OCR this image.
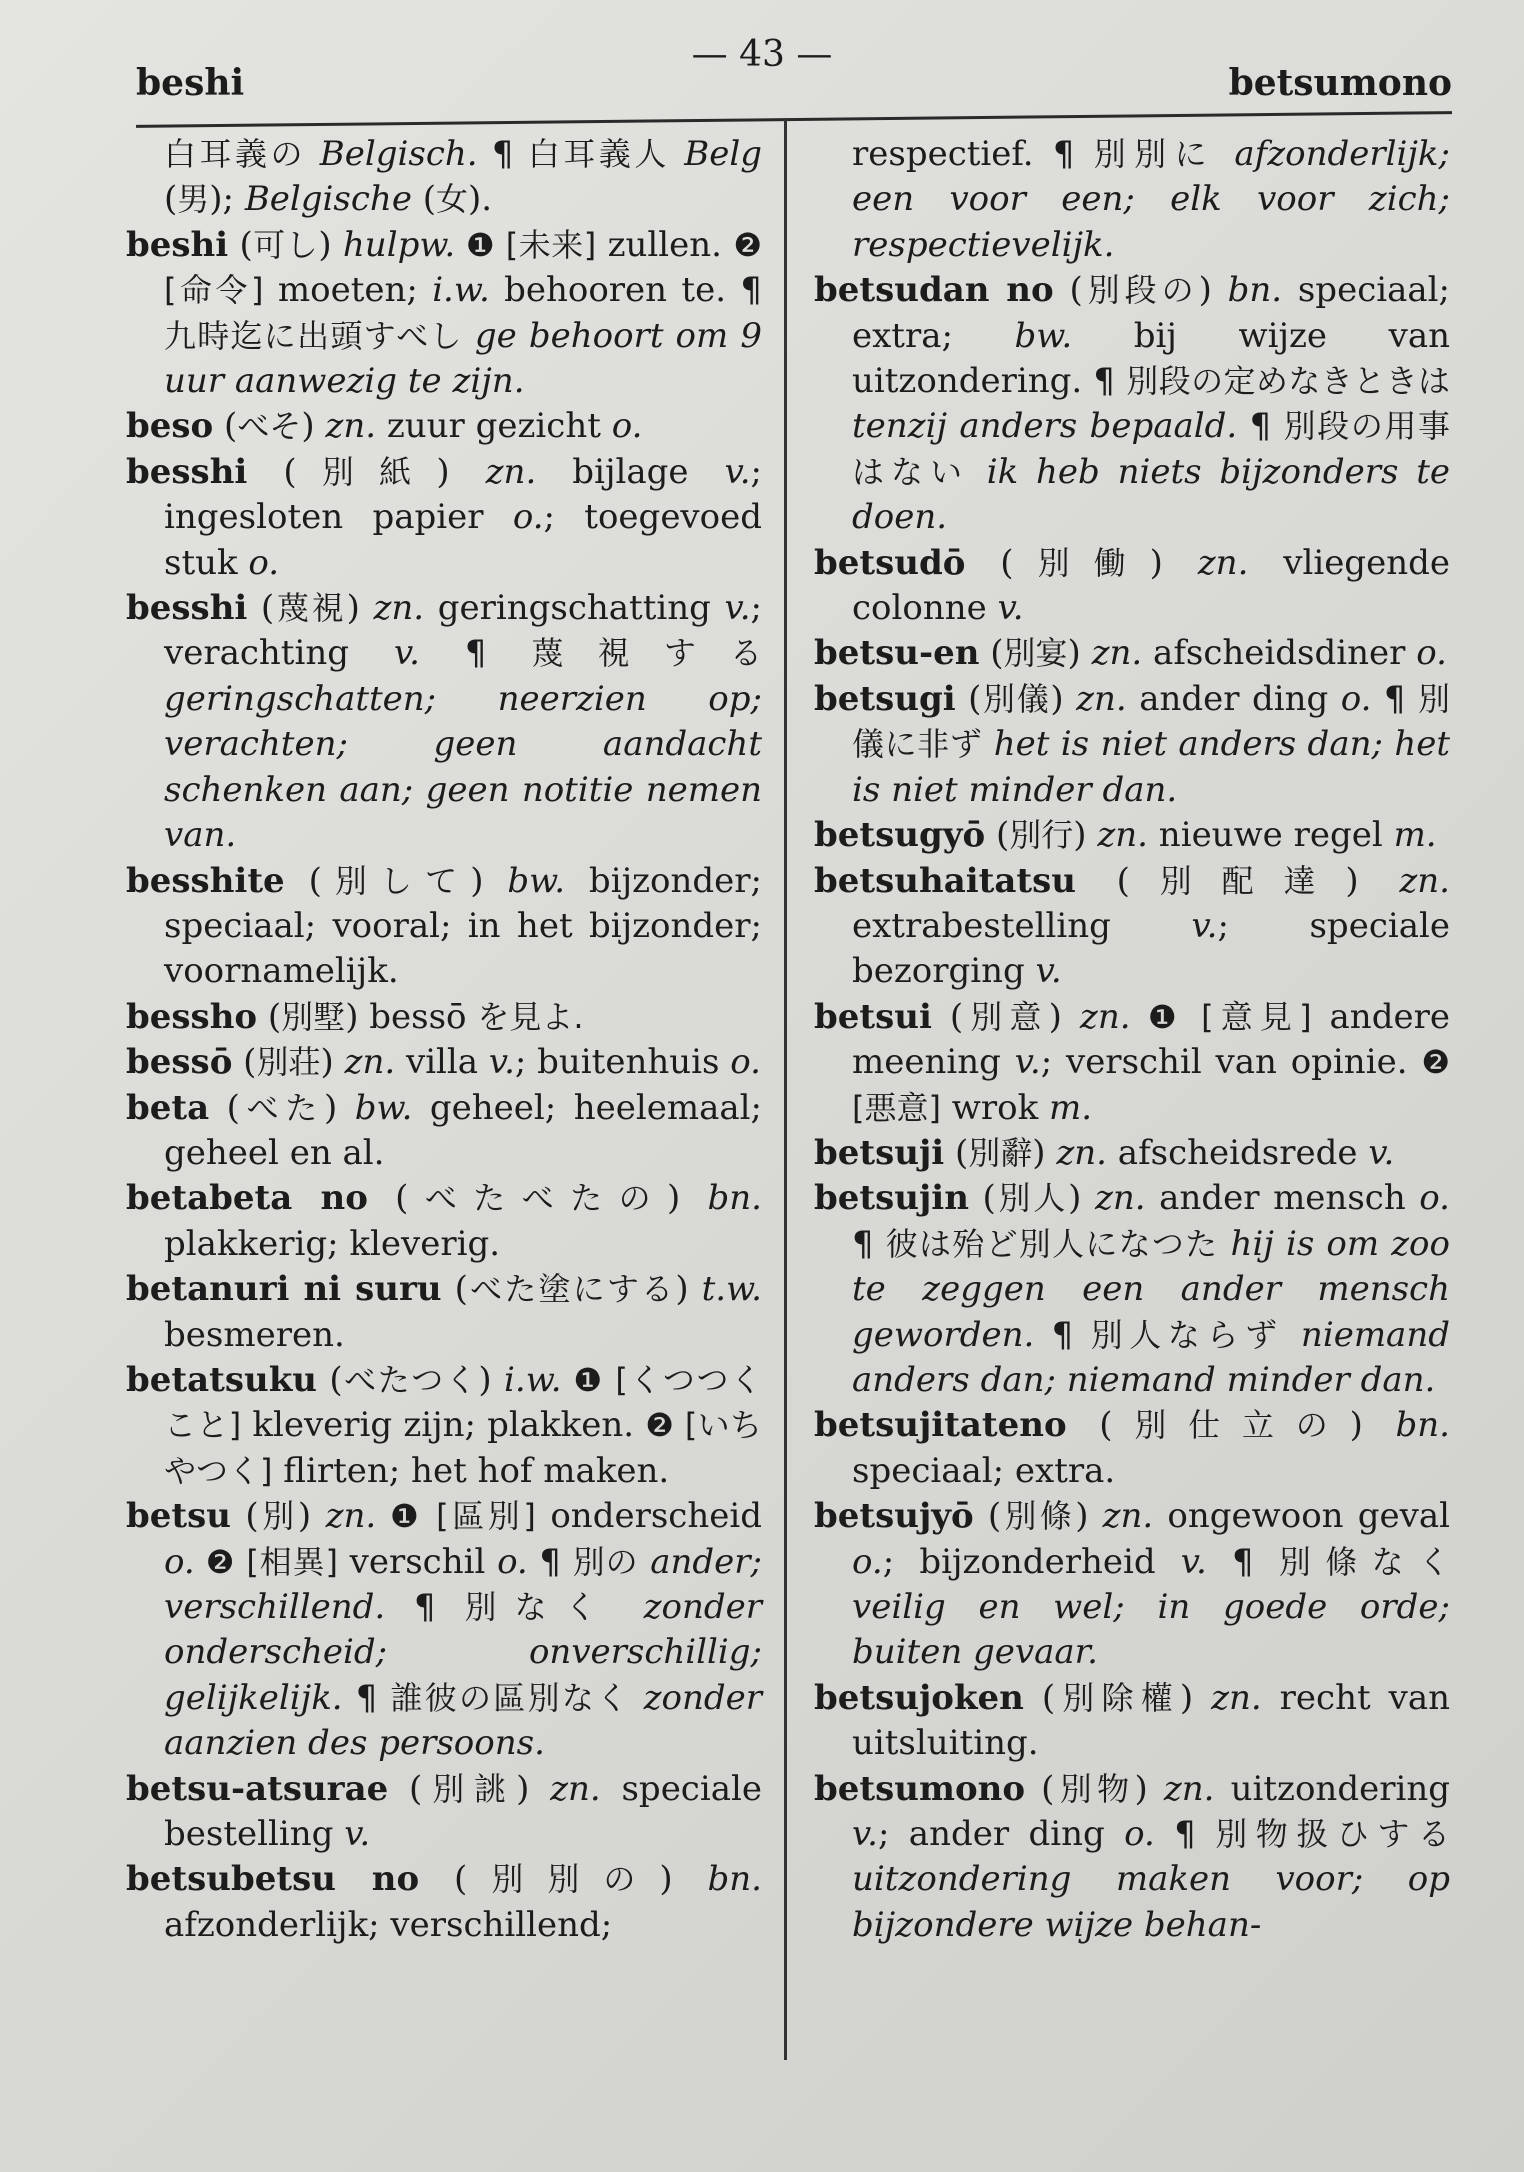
beshi
— 43 —
betsumono

白耳義の Belgisch. ¶ 白耳義人 Belg (男); Belgische (女).

beshi (可し) hulpw. ❶ [未来] zullen. ❷ [命令] moeten; i.w. behooren te. ¶ 九時迄に出頭すべし ge behoort om 9 uur aanwezig te zijn.

beso (べそ) zn. zuur gezicht o.

besshi (別紙) zn. bijlage v.; ingesloten papier o.; toegevoed stuk o.

besshi (蔑視) zn. geringschatting v.; verachting v. ¶ 蔑視する geringschatten; neerzien op; verachten; geen aandacht schenken aan; geen notitie nemen van.

besshite (別して) bw. bijzonder; speciaal; vooral; in het bijzonder; voornamelijk.

bessho (別墅) bessō を見よ.

bessō (別荘) zn. villa v.; buitenhuis o.

beta (べた) bw. geheel; heelemaal; geheel en al.

betabeta no (べたべたの) bn. plakkerig; kleverig.

betanuri ni suru (べた塗にする) t.w. besmeren.

betatsuku (べたつく) i.w. ❶ [くつつくこと] kleverig zijn; plakken. ❷ [いちやつく] flirten; het hof maken.

betsu (別) zn. ❶ [區別] onderscheid o. ❷ [相異] verschil o. ¶ 別の ander; verschillend. ¶ 別なく zonder onderscheid; onverschillig; gelijkelijk. ¶ 誰彼の區別なく zonder aanzien des persoons.

betsu-atsurae (別誂) zn. speciale bestelling v.

betsubetsu no (別別の) bn. afzonderlijk; verschillend;

respectief. ¶ 別別に afzonderlijk; een voor een; elk voor zich; respectievelijk.

betsudan no (別段の) bn. speciaal; extra; bw. bij wijze van uitzondering. ¶ 別段の定めなきときは tenzij anders bepaald. ¶ 別段の用事はない ik heb niets bijzonders te doen.

betsudō (別働) zn. vliegende colonne v.

betsu-en (別宴) zn. afscheidsdiner o.

betsugi (別儀) zn. ander ding o. ¶ 別儀に非ず het is niet anders dan; het is niet minder dan.

betsugyō (別行) zn. nieuwe regel m.

betsuhaitatsu (別配達) zn. extrabestelling v.; speciale bezorging v.

betsui (別意) zn. ❶ [意見] andere meening v.; verschil van opinie. ❷ [悪意] wrok m.

betsuji (別辭) zn. afscheidsrede v.

betsujin (別人) zn. ander mensch o. ¶ 彼は殆ど別人になつた hij is om zoo te zeggen een ander mensch geworden. ¶ 別人ならず niemand anders dan; niemand minder dan.

betsujitateno (別仕立の) bn. speciaal; extra.

betsujyō (別條) zn. ongewoon geval o.; bijzonderheid v. ¶ 別條なく veilig en wel; in goede orde; buiten gevaar.

betsujoken (別除權) zn. recht van uitsluiting.

betsumono (別物) zn. uitzondering v.; ander ding o. ¶ 別物扱ひする uitzondering maken voor; op bijzondere wijze behan-
